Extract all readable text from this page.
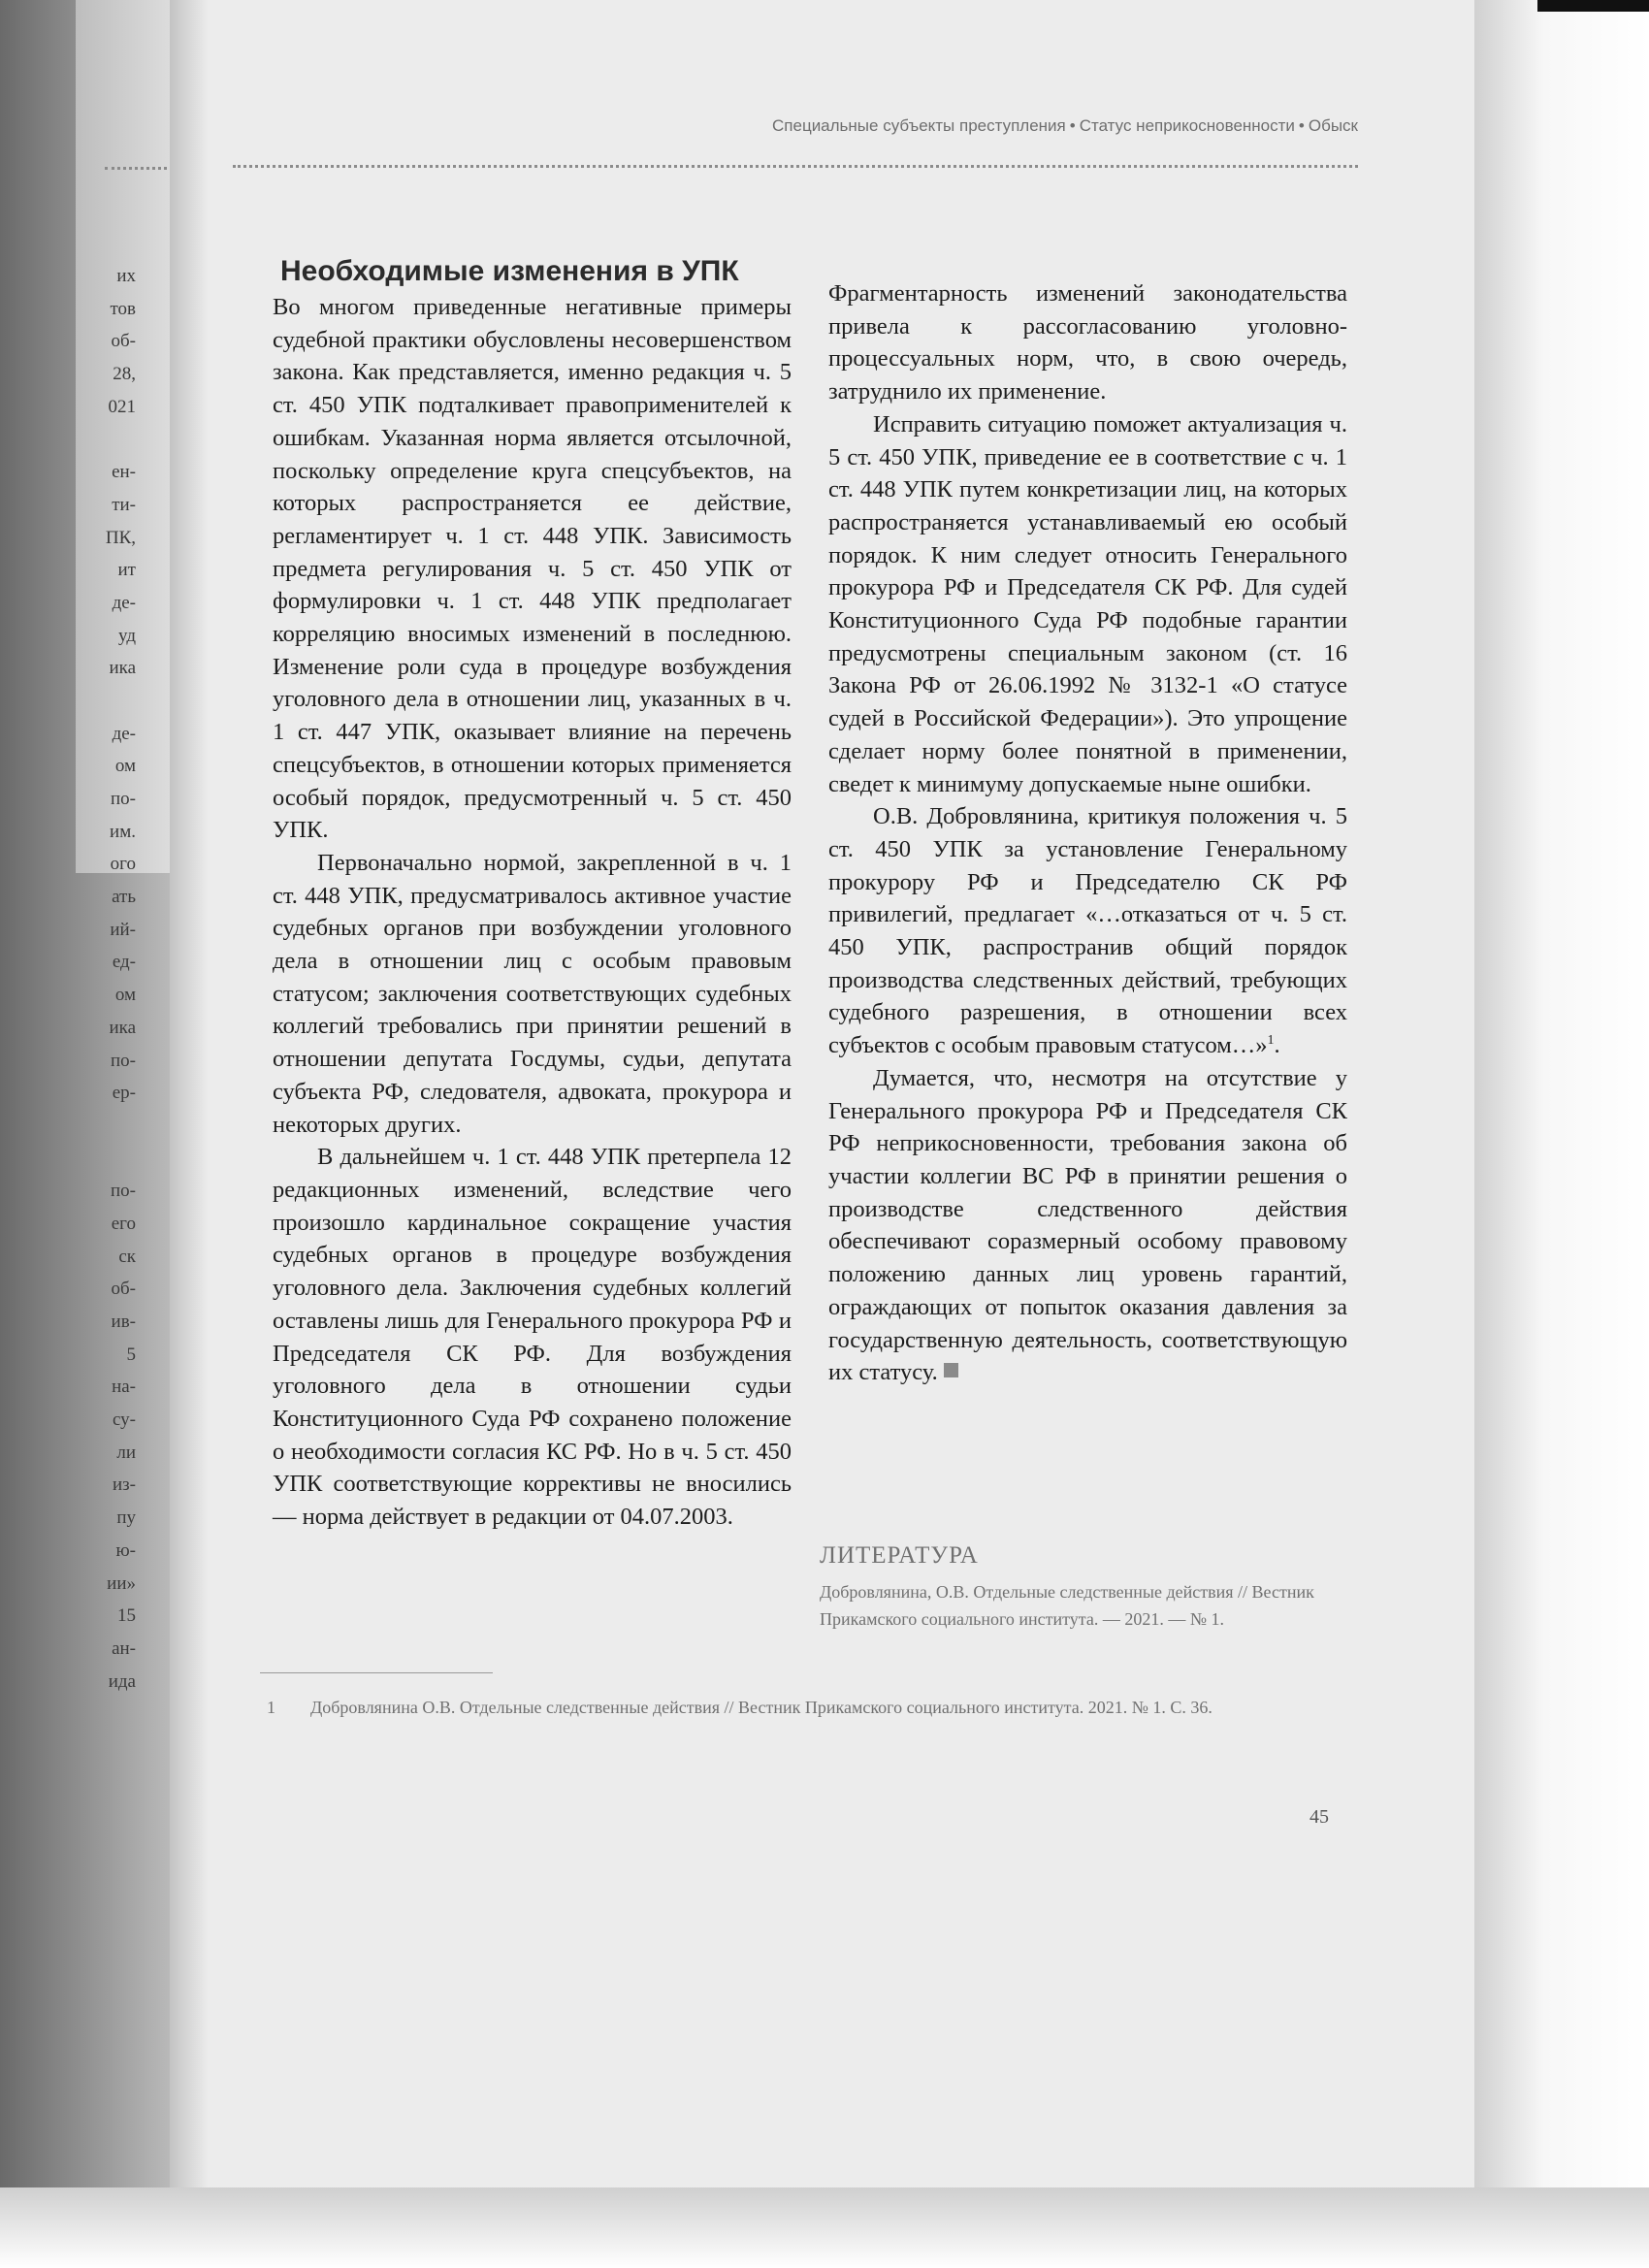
их
тов
об-
28,
021
ен-
ти-
ПК,
ит
де-
уд
ика
де-
ом
по-
им.
ого
ать
ий-
ед-
ом
ика
по-
ер-
по-
его
ск
об-
ив-
5
на-
су-
ли
из-
пу
ю-
ии»
15
ан-
ида
Специальные субъекты преступления • Статус неприкосновенности • Обыск
Необходимые изменения в УПК

Во многом приведенные негативные примеры судебной практики обусловлены несовершенством закона. Как представляется, именно редакция ч. 5 ст. 450 УПК подталкивает правоприменителей к ошибкам. Указанная норма является отсылочной, поскольку определение круга спецсубъектов, на которых распространяется ее действие, регламентирует ч. 1 ст. 448 УПК. Зависимость предмета регулирования ч. 5 ст. 450 УПК от формулировки ч. 1 ст. 448 УПК предполагает корреляцию вносимых изменений в последнюю. Изменение роли суда в процедуре возбуждения уголовного дела в отношении лиц, указанных в ч. 1 ст. 447 УПК, оказывает влияние на перечень спецсубъектов, в отношении которых применяется особый порядок, предусмотренный ч. 5 ст. 450 УПК.

Первоначально нормой, закрепленной в ч. 1 ст. 448 УПК, предусматривалось активное участие судебных органов при возбуждении уголовного дела в отношении лиц с особым правовым статусом; заключения соответствующих судебных коллегий требовались при принятии решений в отношении депутата Госдумы, судьи, депутата субъекта РФ, следователя, адвоката, прокурора и некоторых других.

В дальнейшем ч. 1 ст. 448 УПК претерпела 12 редакционных изменений, вследствие чего произошло кардинальное сокращение участия судебных органов в процедуре возбуждения уголовного дела. Заключения судебных коллегий оставлены лишь для Генерального прокурора РФ и Председателя СК РФ. Для возбуждения уголовного дела в отношении судьи Конституционного Суда РФ сохранено положение о необходимости согласия КС РФ. Но в ч. 5 ст. 450 УПК соответствующие коррективы не вносились — норма действует в редакции от 04.07.2003.

Фрагментарность изменений законодательства привела к рассогласованию уголовно-процессуальных норм, что, в свою очередь, затруднило их применение.

Исправить ситуацию поможет актуализация ч. 5 ст. 450 УПК, приведение ее в соответствие с ч. 1 ст. 448 УПК путем конкретизации лиц, на которых распространяется устанавливаемый ею особый порядок. К ним следует относить Генерального прокурора РФ и Председателя СК РФ. Для судей Конституционного Суда РФ подобные гарантии предусмотрены специальным законом (ст. 16 Закона РФ от 26.06.1992 № 3132-1 «О статусе судей в Российской Федерации»). Это упрощение сделает норму более понятной в применении, сведет к минимуму допускаемые ныне ошибки.

О.В. Добровлянина, критикуя положения ч. 5 ст. 450 УПК за установление Генеральному прокурору РФ и Председателю СК РФ привилегий, предлагает «…отказаться от ч. 5 ст. 450 УПК, распространив общий порядок производства следственных действий, требующих судебного разрешения, в отношении всех субъектов с особым правовым статусом…»$^1$.

Думается, что, несмотря на отсутствие у Генерального прокурора РФ и Председателя СК РФ неприкосновенности, требования закона об участии коллегии ВС РФ в принятии решения о производстве следственного действия обеспечивают соразмерный особому правовому положению данных лиц уровень гарантий, ограждающих от попыток оказания давления за государственную деятельность, соответствующую их статусу.

ЛИТЕРАТУРА
Добровлянина, О.В. Отдельные следственные действия // Вестник Прикамского социального института. — 2021. — № 1.
1 Добровлянина О.В. Отдельные следственные действия // Вестник Прикамского социального института. 2021. № 1. С. 36.
45
